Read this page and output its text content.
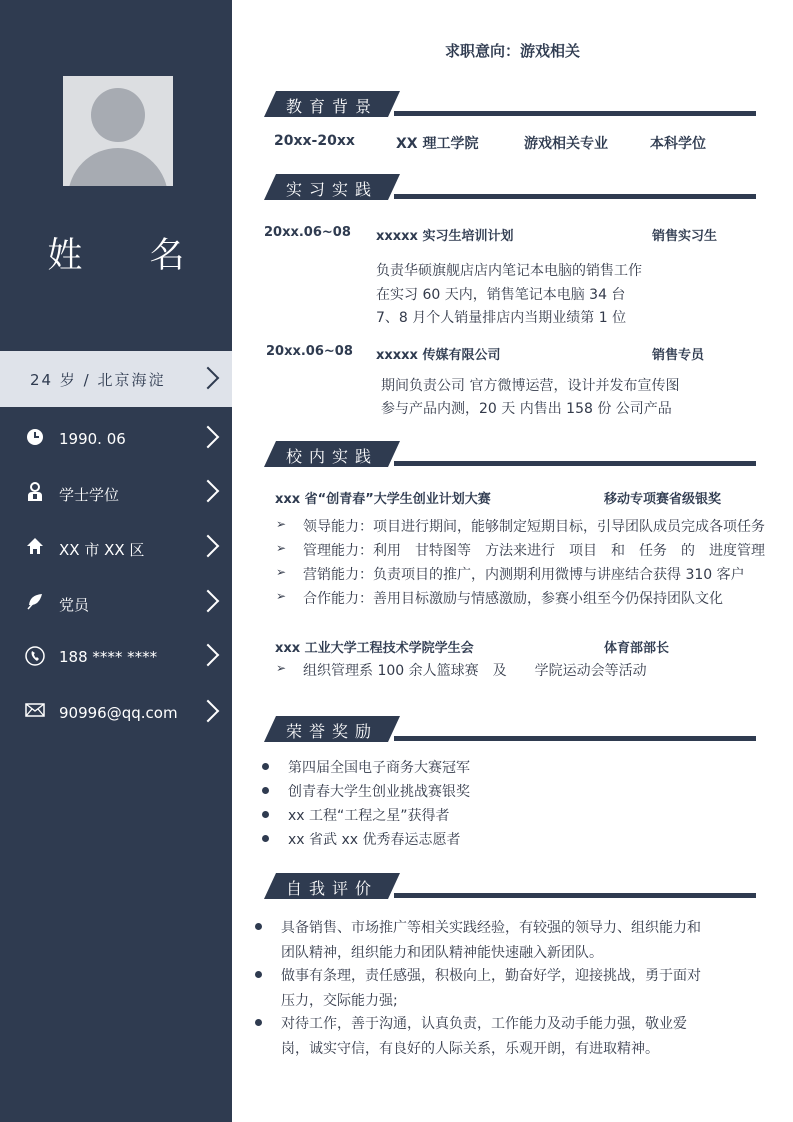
姓 名
24 岁 / 北京海淀
1990. 06
学士学位
XX 市 XX 区
党员
188 **** ****
90996@qq.com
求职意向：游戏相关
教育背景
20xx-20xx	XX 理工学院	游戏相关专业	本科学位
实习实践
20xx.06~08 xxxxx 实习生培训计划	销售实习生
负责华硕旗舰店店内笔记本电脑的销售工作
在实习 60 天内，销售笔记本电脑 34 台
7、8 月个人销量排店内当期业绩第 1 位
20xx.06~08 xxxxx 传媒有限公司	销售专员
期间负责公司 官方微博运营，设计并发布宣传图
参与产品内测，20 天 内售出 158 份 公司产品
校内实践
xxx 省“创青春”大学生创业计划大赛	移动专项赛省级银奖
➢ 领导能力：项目进行期间，能够制定短期目标，引导团队成员完成各项任务
➢ 管理能力：利用　甘特图等　方法来进行　项目　和　任务　的　进度管理
➢ 营销能力：负责项目的推广，内测期利用微博与讲座结合获得 310 客户
➢ 合作能力：善用目标激励与情感激励，参赛小组至今仍保持团队文化
xxx 工业大学工程技术学院学生会	体育部部长
➢ 组织管理系 100 余人篮球赛　及　　学院运动会等活动
荣誉奖励
第四届全国电子商务大赛冠军
创青春大学生创业挑战赛银奖
xx 工程“工程之星”获得者
xx 省武 xx 优秀春运志愿者
自我评价
具备销售、市场推广等相关实践经验，有较强的领导力、组织能力和
团队精神，组织能力和团队精神能快速融入新团队。
做事有条理，责任感强，积极向上，勤奋好学，迎接挑战，勇于面对
压力，交际能力强;
对待工作，善于沟通，认真负责，工作能力及动手能力强，敬业爱
岗，诚实守信，有良好的人际关系，乐观开朗，有进取精神。
